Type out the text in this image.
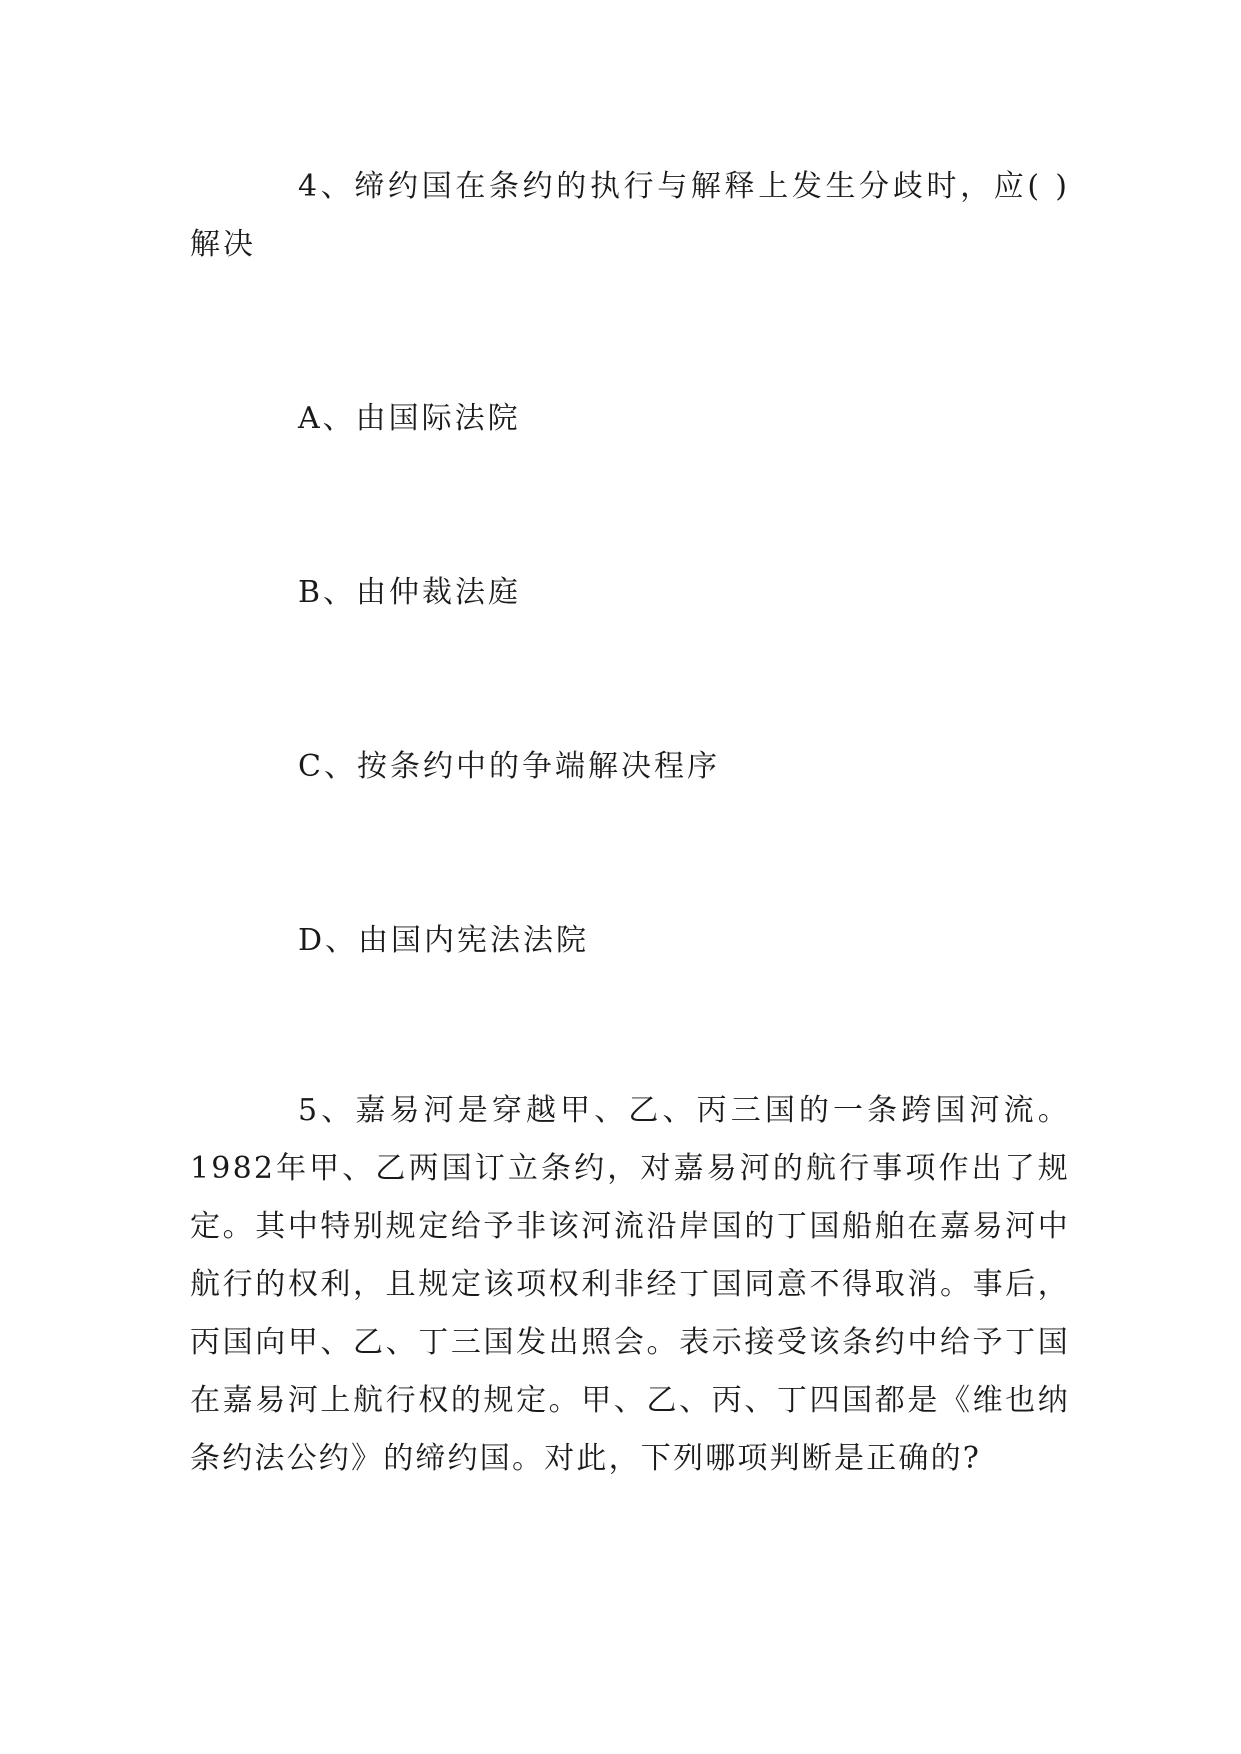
4、缔约国在条约的执行与解释上发生分歧时，应( )解决

A、由国际法院

B、由仲裁法庭

C、按条约中的争端解决程序

D、由国内宪法法院

5、嘉易河是穿越甲、乙、丙三国的一条跨国河流。1982年甲、乙两国订立条约，对嘉易河的航行事项作出了规定。其中特别规定给予非该河流沿岸国的丁国船舶在嘉易河中航行的权利，且规定该项权利非经丁国同意不得取消。事后，丙国向甲、乙、丁三国发出照会。表示接受该条约中给予丁国在嘉易河上航行权的规定。甲、乙、丙、丁四国都是《维也纳条约法公约》的缔约国。对此，下列哪项判断是正确的?
